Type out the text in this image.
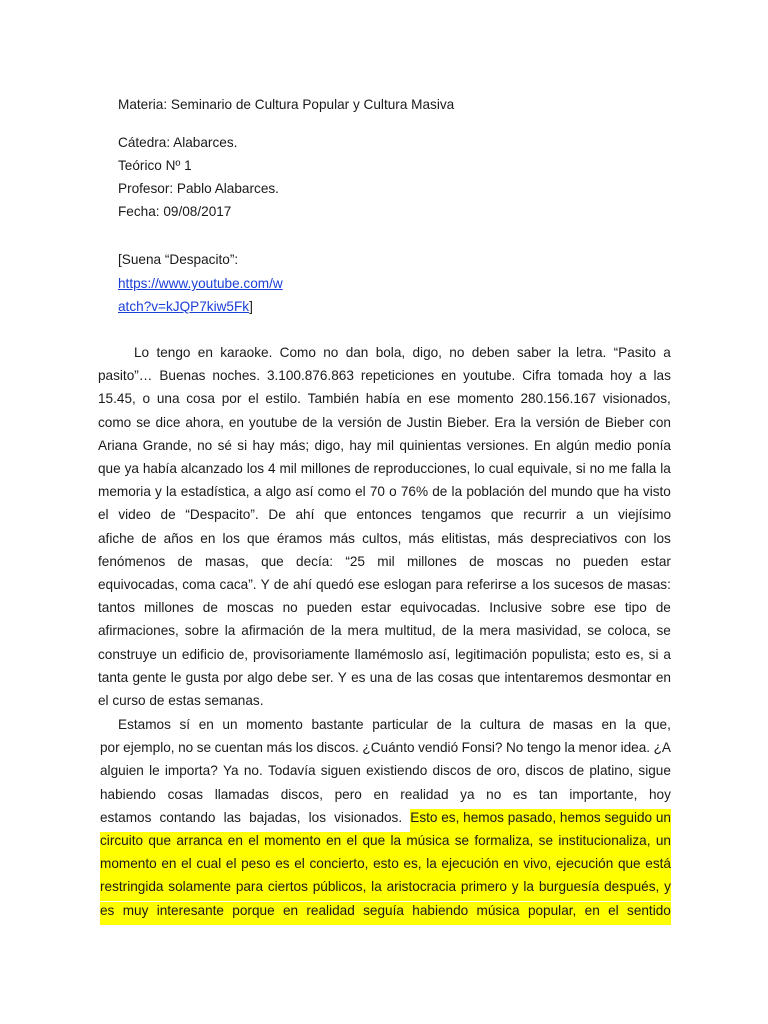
Materia: Seminario de Cultura Popular y Cultura Masiva
Cátedra: Alabarces.
Teórico Nº 1
Profesor: Pablo Alabarces.
Fecha: 09/08/2017
[Suena “Despacito”:
https://www.youtube.com/w
atch?v=kJQP7kiw5Fk]
Lo tengo en karaoke. Como no dan bola, digo, no deben saber la letra. “Pasito a
pasito”… Buenas noches. 3.100.876.863 repeticiones en youtube. Cifra tomada hoy a las
15.45, o una cosa por el estilo. También había en ese momento 280.156.167 visionados,
como se dice ahora, en youtube de la versión de Justin Bieber. Era la versión de Bieber con
Ariana Grande, no sé si hay más; digo, hay mil quinientas versiones. En algún medio ponía
que ya había alcanzado los 4 mil millones de reproducciones, lo cual equivale, si no me falla la
memoria y la estadística, a algo así como el 70 o 76% de la población del mundo que ha visto
el video de “Despacito”. De ahí que entonces tengamos que recurrir a un viejísimo
afiche de años en los que éramos más cultos, más elitistas, más despreciativos con los
fenómenos de masas, que decía: “25 mil millones de moscas no pueden estar
equivocadas, coma caca”. Y de ahí quedó ese eslogan para referirse a los sucesos de masas:
tantos millones de moscas no pueden estar equivocadas. Inclusive sobre ese tipo de
afirmaciones, sobre la afirmación de la mera multitud, de la mera masividad, se coloca, se
construye un edificio de, provisoriamente llamémoslo así, legitimación populista; esto es, si a
tanta gente le gusta por algo debe ser. Y es una de las cosas que intentaremos desmontar en
el curso de estas semanas.
Estamos sí en un momento bastante particular de la cultura de masas en la que,
por ejemplo, no se cuentan más los discos. ¿Cuánto vendió Fonsi? No tengo la menor idea. ¿A
alguien le importa? Ya no. Todavía siguen existiendo discos de oro, discos de platino, sigue
habiendo cosas llamadas discos, pero en realidad ya no es tan importante, hoy
estamos contando las bajadas, los visionados. Esto es, hemos pasado, hemos seguido un
circuito que arranca en el momento en el que la música se formaliza, se institucionaliza, un
momento en el cual el peso es el concierto, esto es, la ejecución en vivo, ejecución que está
restringida solamente para ciertos públicos, la aristocracia primero y la burguesía después, y
es muy interesante porque en realidad seguía habiendo música popular, en el sentido
